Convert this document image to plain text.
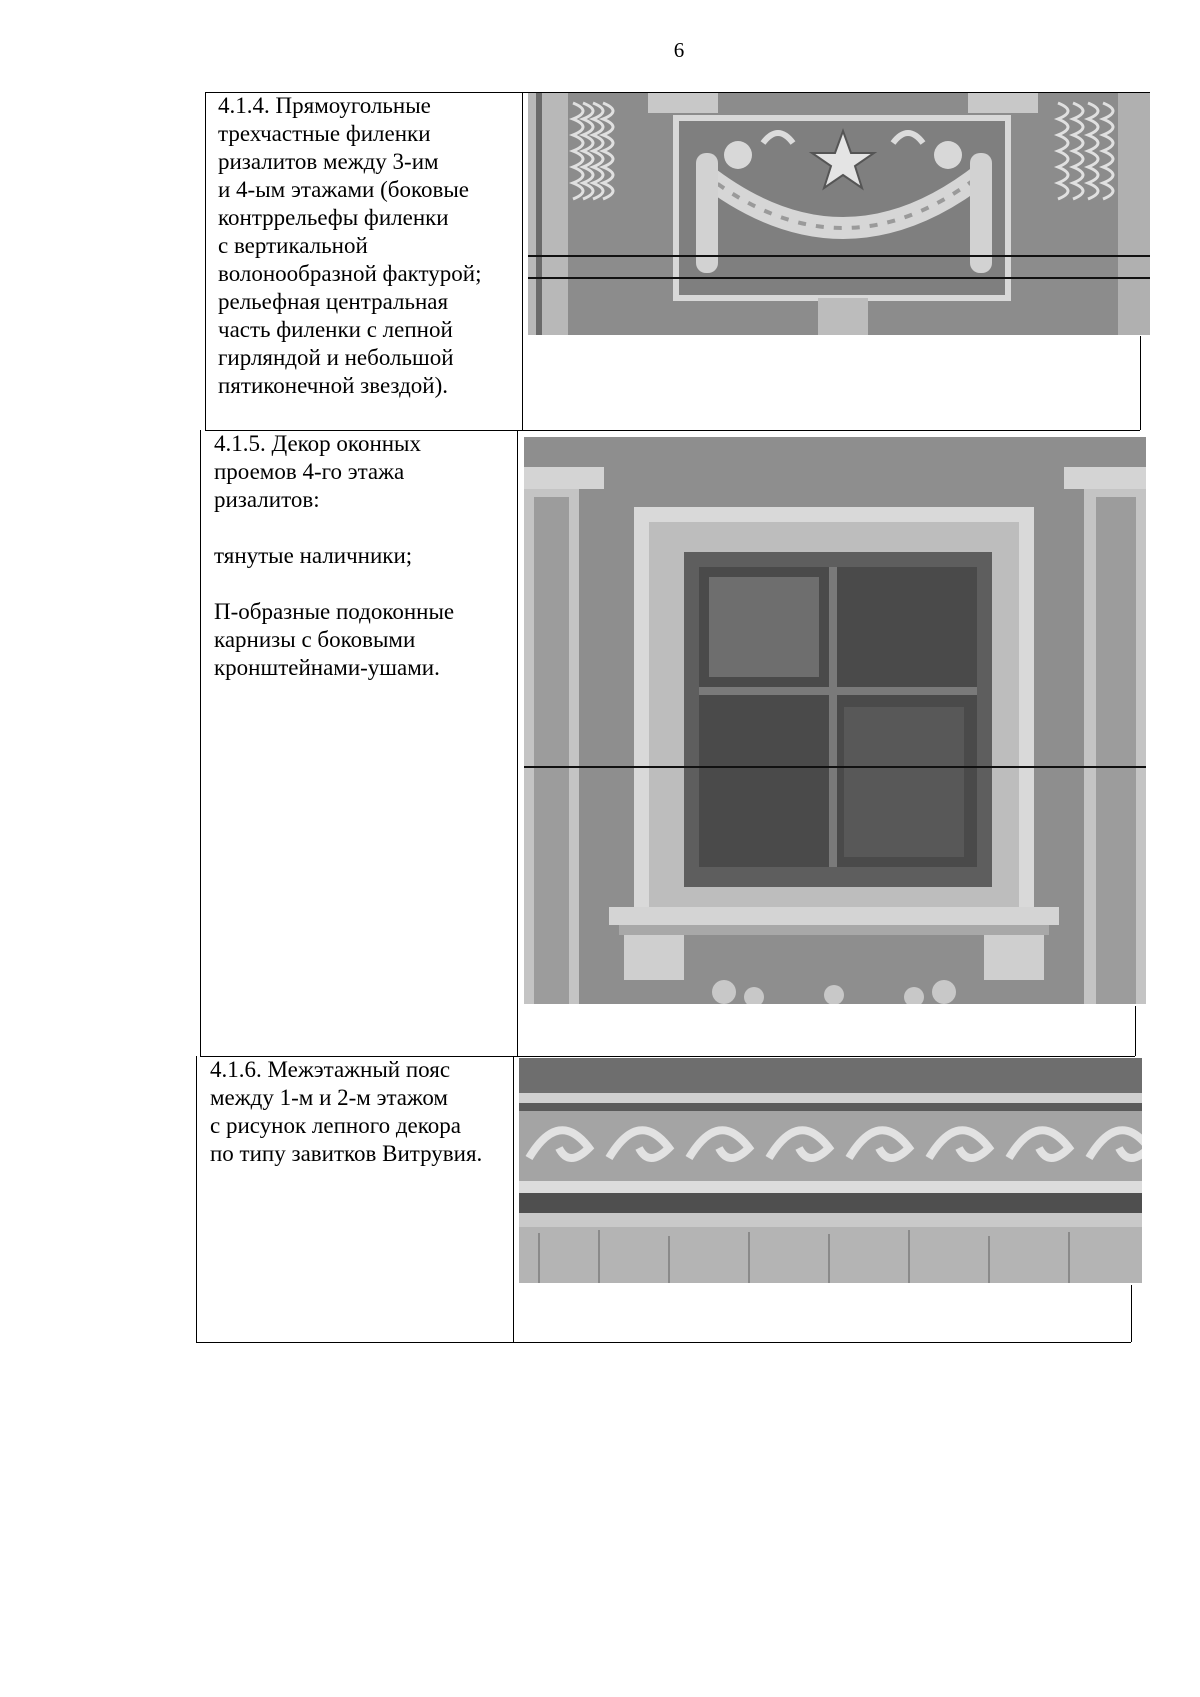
6

4.1.4. Прямоугольные

трехчастные филенки

ризалитов между 3-им

и 4-ым этажами (боковые

контррельефы филенки

с вертикальной

волонообразной фактурой;

рельефная центральная

часть филенки с лепной

гирляндой и небольшой

пятиконечной звездой).

4.1.5. Декор оконных

проемов 4-го этажа

ризалитов:

тянутые наличники;

П-образные подоконные

карнизы с боковыми

кронштейнами-ушами.

4.1.6. Межэтажный пояс

между 1-м и 2-м этажом

с рисунок лепного декора

по типу завитков Витрувия.
